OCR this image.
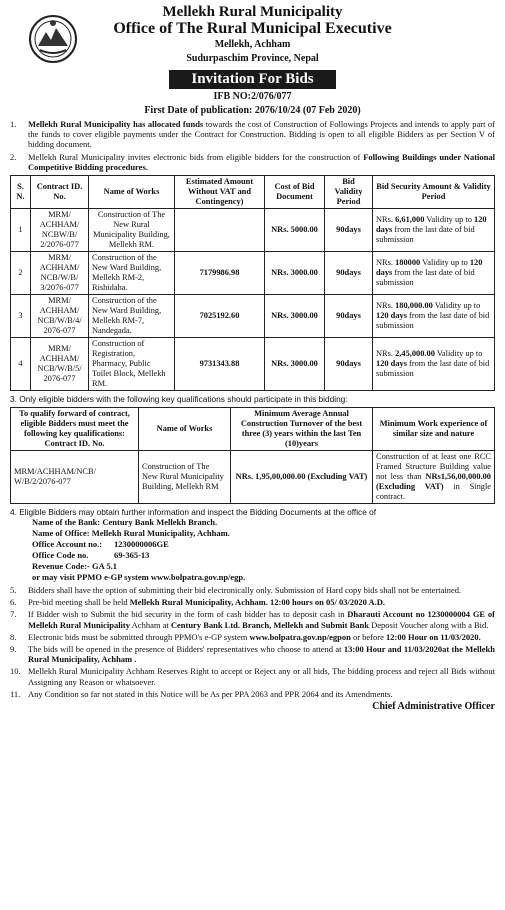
Mellekh Rural Municipality
Office of The Rural Municipal Executive
Mellekh, Achham
Sudurpaschim Province, Nepal
Invitation For Bids
IFB NO:2/076/077
First Date of publication: 2076/10/24 (07 Feb 2020)
1.	Mellekh Rural Municipality has allocated funds towards the cost of Construction of Followings Projects and intends to apply part of the funds to cover eligible payments under the Contract for Construction. Bidding is open to all eligible Bidders as per Section V of bidding document.
2.	Mellekh Rural Municipality invites electronic bids from eligible bidders for the construction of Following Buildings under National Competitive Bidding procedures.
S. N.	Contract ID. No.	Name of Works	Estimated Amount Without VAT and Contingency)	Cost of Bid Document	Bid Validity Period	Bid Security Amount & Validity Period
1	MRM/ ACHHAM/ NCBW/B/ 2/2076-077	Construction of The New Rural Municipality Building, Mellekh RM.		NRs. 5000.00	90days	NRs. 6,61,000 Validity up to 120 days from the last date of bid submission
2	MRM/ ACHHAM/ NCB/W/B/ 3/2076-077	Construction of the New Ward Building, Mellekh RM-2, Rishidaha.	7179986.98	NRs. 3000.00	90days	NRs. 180000 Validity up to 120 days from the last date of bid submission
3	MRM/ ACHHAM/ NCB/W/B/4/ 2076-077	Construction of the New Ward Building, Mellekh RM-7, Nandegada.	7025192.60	NRs. 3000.00	90days	NRs. 180,000.00 Validity up to 120 days from the last date of bid submission
4	MRM/ ACHHAM/ NCB/W/B/5/ 2076-077	Construction of Registration, Pharmacy, Public Toilet Block, Mellekh RM.	9731343.88	NRs. 3000.00	90days	NRs. 2,45,000.00 Validity up to 120 days from the last date of bid submission
3. Only eligible bidders with the following key qualifications should participate in this bidding:
To qualify forward of contract, eligible Bidders must meet the following key qualifications: Contract ID. No.	Name of Works	Minimum Average Annual Construction Turnover of the best three (3) years within the last Ten (10)years	Minimum Work experience of similar size and nature
MRM/ACHHAM/NCB/ W/B/2/2076-077	Construction of The New Rural Municipality Building, Mellekh RM	NRs. 1,95,00,000.00 (Excluding VAT)	Construction of at least one RCC Framed Structure Building value not less than NRs1,56,00,000.00 (Excluding VAT) in Single contract.
4. Eligible Bidders may obtain further information and inspect the Bidding Documents at the office of
Name of the Bank: Century Bank Mellekh Branch.
Name of Office: Mellekh Rural Municipality, Achham.
Office Account no.:	1230000006GE
Office Code no.	69-365-13
Revenue Code:- GA 5.1
or may visit PPMO e-GP system www.bolpatra.gov.np/egp.
5.	Bidders shall have the option of submitting their bid electronically only. Submission of Hard copy bids shall not be entertained.
6.	Pre-bid meeting shall be held Mellekh Rural Municipality, Achham. 12:00 hours on 05/ 03/2020 A.D.
7.	If Bidder wish to Submit the bid security in the form of cash bidder has to deposit cash in Dharauti Account no 1230000004 GE of Mellekh Rural Municipality Achham at Century Bank Ltd. Branch, Mellekh and Submit Bank Deposit Voucher along with a Bid.
8.	Electronic bids must be submitted through PPMO's e-GP system www.bolpatra.gov.np/egpon or before 12:00 Hour on 11/03/2020.
9.	The bids will be opened in the presence of Bidders' representatives who choose to attend at 13:00 Hour and 11/03/2020at the Mellekh Rural Municipality, Achham .
10. Mellekh Rural Municipality Achham Reserves Right to accept or Reject any or all bids, The bidding process and reject all Bids without Assigning any Reason or whatsoever.
11. Any Condition so far not stated in this Notice will be As per PPA 2063 and PPR 2064 and its Amendments.
Chief Administrative Officer
